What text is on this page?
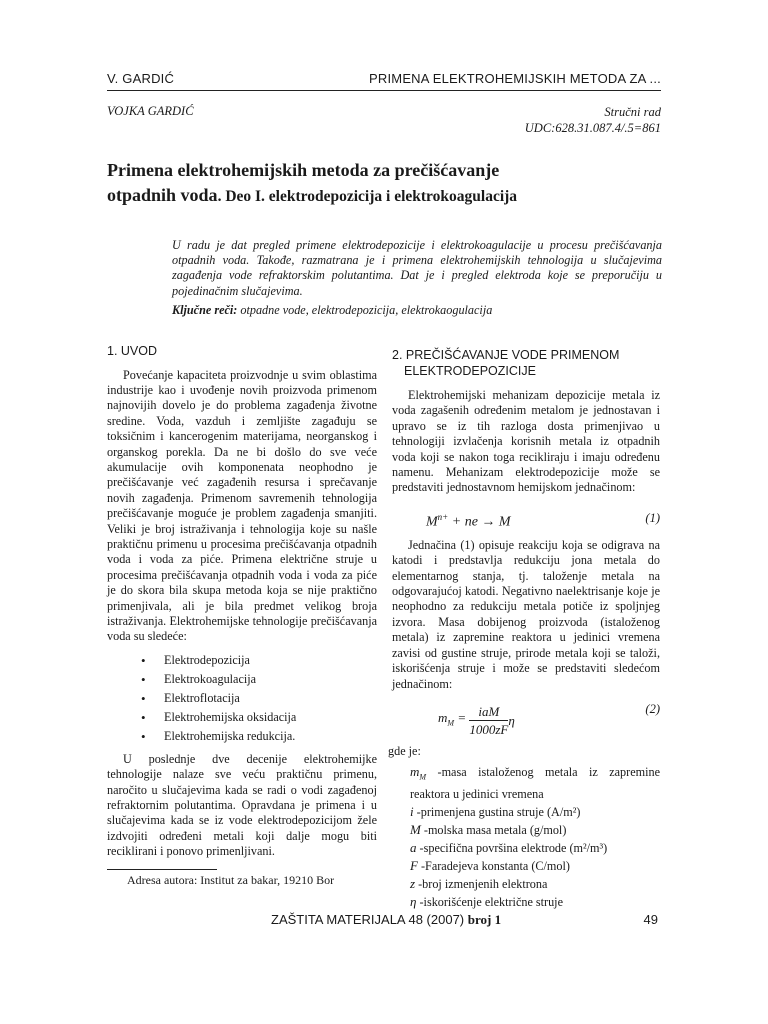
V. GARDIĆ	PRIMENA ELEKTROHEMIJSKIH METODA ZA ...
VOJKA GARDIĆ	Stručni rad
UDC:628.31.087.4/.5=861
Primena elektrohemijskih metoda za prečišćavanje
otpadnih voda. Deo I. elektrodepozicija i elektrokoagulacija
U radu je dat pregled primene elektrodepozicije i elektrokoagulacije u procesu prečišćavanja otpadnih voda. Takođe, razmatrana je i primena elektrohemijskih tehnologija u slučajevima zagađenja vode refraktorskim polutantima. Dat je i pregled elektroda koje se preporučiju u pojedinačnim slučajevima.
Ključne reči: otpadne vode, elektrodepozicija, elektrokaogulacija
1. UVOD

Povećanje kapaciteta proizvodnje u svim oblastima industrije kao i uvođenje novih proizvoda primenom najnovijih dovelo je do problema zagađenja životne sredine. Voda, vazduh i zemljište zagađuju se toksičnim i kancerogenim materijama, neorganskog i organskog porekla. Da ne bi došlo do sve veće akumulacije ovih komponenata neophodno je prečišćavanje već zagađenih resursa i sprečavanje novih zagađenja. Primenom savremenih tehnologija prečišćavanje moguće je problem zagađenja smanjiti. Veliki je broj istraživanja i tehnologija koje su našle praktičnu primenu u procesima prečišćavanja otpadnih voda i voda za piće. Primena električne struje u procesima prečišćavanja otpadnih voda i voda za piće je do skora bila skupa metoda koja se nije praktično primenjivala, ali je bila predmet velikog broja istraživanja. Elektrohemijske tehnologije prečišćavanja voda su sledeće:

• Elektrodepozicija
• Elektrokoagulacija
• Elektroflotacija
• Elektrohemijska oksidacija
• Elektrohemijska redukcija.

U poslednje dve decenije elektrohemijke tehnologije nalaze sve veću praktičnu primenu, naročito u slučajevima kada se radi o vodi zagađenoj refraktornim polutantima. Opravdana je primena i u slučajevima kada se iz vode elektrodepozicijom žele izdvojiti određeni metali koji dalje mogu biti reciklirani i ponovo primenljivani.

Adresa autora: Institut za bakar, 19210 Bor
2. PREČIŠĆAVANJE VODE PRIMENOM
ELEKTRODEPOZICIJE

Elektrohemijski mehanizam depozicije metala iz voda zagašenih određenim metalom je jednostavan i upravo se iz tih razloga dosta primenjivao u tehnologiji izvlačenja korisnih metala iz otpadnih voda koji se nakon toga recikliraju i imaju određenu namenu. Mehanizam elektrodepozicije može se predstaviti jednostavnom hemijskom jednačinom:

$M^{n+}$ + ne → M	(1)

Jednačina (1) opisuje reakciju koja se odigrava na katodi i predstavlja redukciju jona metala do elementarnog stanja, tj. taloženje metala na odgovarajućoj katodi. Negativno naelektrisanje koje je neophodno za redukciju metala potiče iz spoljnjeg izvora. Masa dobijenog proizvoda (istaloženog metala) iz zapremine reaktora u jedinici vremena zavisi od gustine struje, prirode metala koji se taloži, iskorišćenja struje i može se predstaviti sledećom jednačinom:

$m_M = \frac{\text{iaM}}{1000zF}$ η
(2)
gde je:
$m_M$ -masa istaloženog metala iz zapremine reaktora u jedinici vremena
i -primenjena gustina struje (A/m²)
M -molska masa metala (g/mol)
a -specifična površina elektrode (m²/m³)
F -Faradejeva konstanta (C/mol)
z -broj izmenjenih elektrona
η -iskorišćenje električne struje
ZAŠTITA MATERIJALA 48 (2007) broj 1	49
